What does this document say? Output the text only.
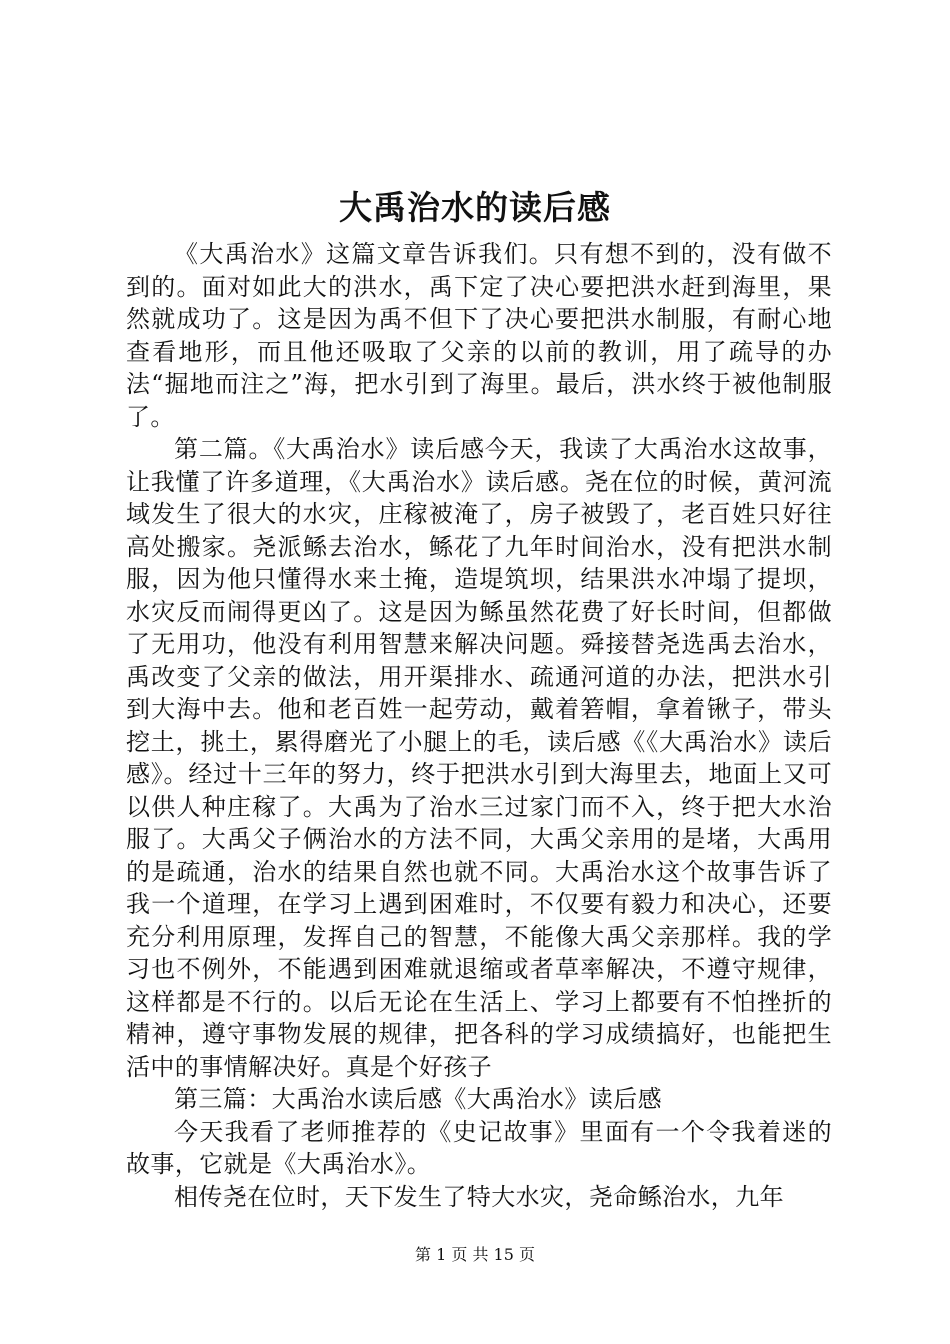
大禹治水的读后感

《大禹治水》这篇文章告诉我们。只有想不到的，没有做不到的。面对如此大的洪水，禹下定了决心要把洪水赶到海里，果然就成功了。这是因为禹不但下了决心要把洪水制服，有耐心地查看地形，而且他还吸取了父亲的以前的教训，用了疏导的办法“掘地而注之”海，把水引到了海里。最后，洪水终于被他制服了。

第二篇。《大禹治水》读后感今天，我读了大禹治水这故事，让我懂了许多道理，《大禹治水》读后感。尧在位的时候，黄河流域发生了很大的水灾，庄稼被淹了，房子被毁了，老百姓只好往高处搬家。尧派鲧去治水，鲧花了九年时间治水，没有把洪水制服，因为他只懂得水来土掩，造堤筑坝，结果洪水冲塌了提坝，水灾反而闹得更凶了。这是因为鲧虽然花费了好长时间，但都做了无用功，他没有利用智慧来解决问题。舜接替尧选禹去治水，禹改变了父亲的做法，用开渠排水、疏通河道的办法，把洪水引到大海中去。他和老百姓一起劳动，戴着箬帽，拿着锹子，带头挖土，挑土，累得磨光了小腿上的毛，读后感《《大禹治水》读后感》。经过十三年的努力，终于把洪水引到大海里去，地面上又可以供人种庄稼了。大禹为了治水三过家门而不入，终于把大水治服了。大禹父子俩治水的方法不同，大禹父亲用的是堵，大禹用的是疏通，治水的结果自然也就不同。大禹治水这个故事告诉了我一个道理，在学习上遇到困难时，不仅要有毅力和决心，还要充分利用原理，发挥自己的智慧，不能像大禹父亲那样。我的学习也不例外，不能遇到困难就退缩或者草率解决，不遵守规律，这样都是不行的。以后无论在生活上、学习上都要有不怕挫折的精神，遵守事物发展的规律，把各科的学习成绩搞好，也能把生活中的事情解决好。真是个好孩子

第三篇：大禹治水读后感《大禹治水》读后感

今天我看了老师推荐的《史记故事》里面有一个令我着迷的故事，它就是《大禹治水》。

相传尧在位时，天下发生了特大水灾，尧命鲧治水，九年

第 1 页 共 15 页
